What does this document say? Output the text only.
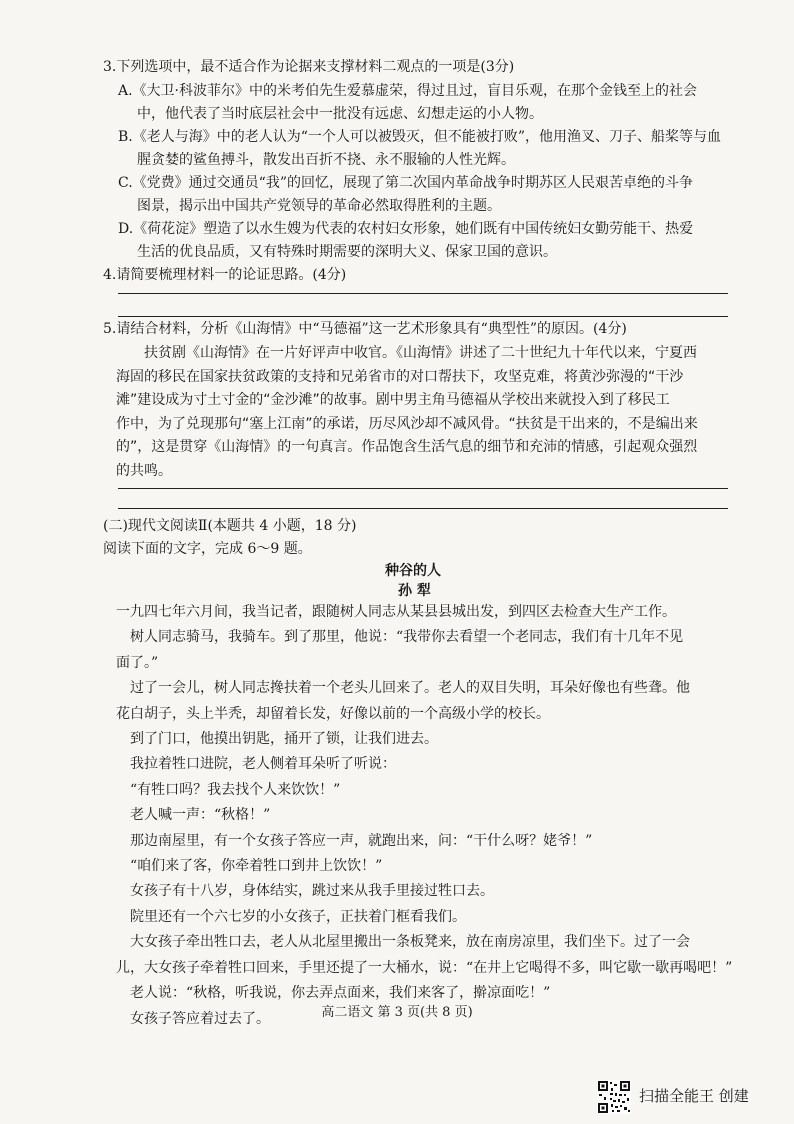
3.下列选项中，最不适合作为论据来支撑材料二观点的一项是(3分)
A.《大卫·科波菲尔》中的米考伯先生爱慕虚荣，得过且过，盲目乐观，在那个金钱至上的社会
中，他代表了当时底层社会中一批没有远虑、幻想走运的小人物。
B.《老人与海》中的老人认为“一个人可以被毁灭，但不能被打败”，他用渔叉、刀子、船桨等与血
腥贪婪的鲨鱼搏斗，散发出百折不挠、永不服输的人性光辉。
C.《党费》通过交通员“我”的回忆，展现了第二次国内革命战争时期苏区人民艰苦卓绝的斗争
图景，揭示出中国共产党领导的革命必然取得胜利的主题。
D.《荷花淀》塑造了以水生嫂为代表的农村妇女形象，她们既有中国传统妇女勤劳能干、热爱
生活的优良品质，又有特殊时期需要的深明大义、保家卫国的意识。
4.请简要梳理材料一的论证思路。(4分)
5.请结合材料，分析《山海情》中“马德福”这一艺术形象具有“典型性”的原因。(4分)

扶贫剧《山海情》在一片好评声中收官。《山海情》讲述了二十世纪九十年代以来，宁夏西

海固的移民在国家扶贫政策的支持和兄弟省市的对口帮扶下，攻坚克难，将黄沙弥漫的“干沙

滩”建设成为寸土寸金的“金沙滩”的故事。剧中男主角马德福从学校出来就投入到了移民工

作中，为了兑现那句“塞上江南”的承诺，历尽风沙却不减风骨。“扶贫是干出来的，不是编出来

的”，这是贯穿《山海情》的一句真言。作品饱含生活气息的细节和充沛的情感，引起观众强烈

的共鸣。

(二)现代文阅读Ⅱ(本题共 4 小题，18 分)
阅读下面的文字，完成 6～9 题。
种谷的人
孙 犁

一九四七年六月间，我当记者，跟随树人同志从某县县城出发，到四区去检查大生产工作。

树人同志骑马，我骑车。到了那里，他说：“我带你去看望一个老同志，我们有十几年不见

面了。”

过了一会儿，树人同志搀扶着一个老头儿回来了。老人的双目失明，耳朵好像也有些聋。他

花白胡子，头上半秃，却留着长发，好像以前的一个高级小学的校长。

到了门口，他摸出钥匙，捅开了锁，让我们进去。

我拉着牲口进院，老人侧着耳朵听了听说：

“有牲口吗？我去找个人来饮饮！”

老人喊一声：“秋格！”

那边南屋里，有一个女孩子答应一声，就跑出来，问：“干什么呀？姥爷！”

“咱们来了客，你牵着牲口到井上饮饮！”

女孩子有十八岁，身体结实，跳过来从我手里接过牲口去。

院里还有一个六七岁的小女孩子，正扶着门框看我们。

大女孩子牵出牲口去，老人从北屋里搬出一条板凳来，放在南房凉里，我们坐下。过了一会

儿，大女孩子牵着牲口回来，手里还提了一大桶水，说：“在井上它喝得不多，叫它歇一歇再喝吧！”

老人说：“秋格，听我说，你去弄点面来，我们来客了，擀凉面吃！”

女孩子答应着过去了。	高二语文 第 3 页(共 8 页)
扫描全能王 创建
